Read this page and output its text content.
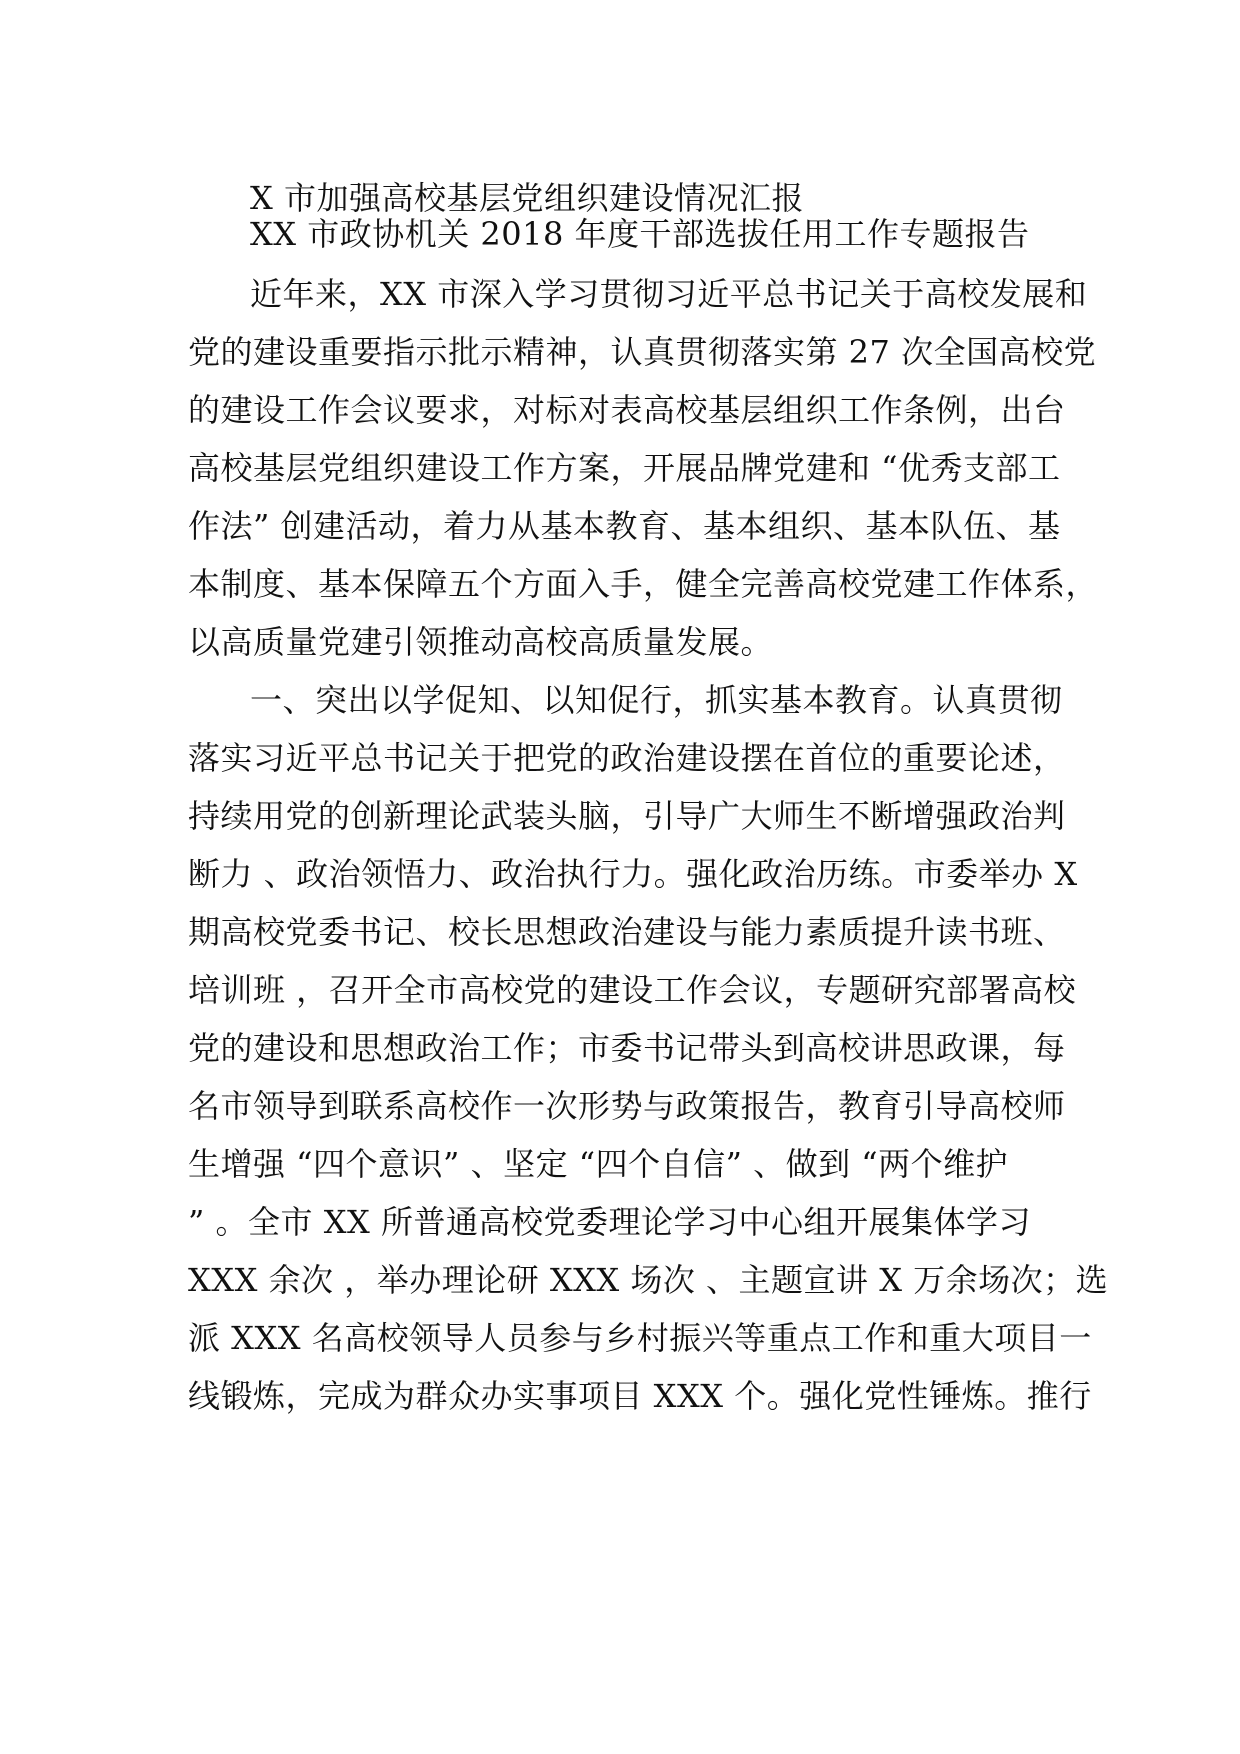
X 市加强高校基层党组织建设情况汇报
XX 市政协机关 2018 年度干部选拔任用工作专题报告
近年来，XX 市深入学习贯彻习近平总书记关于高校发展和
党的建设重要指示批示精神，认真贯彻落实第 27 次全国高校党
的建设工作会议要求，对标对表高校基层组织工作条例，出台
高校基层党组织建设工作方案，开展品牌党建和 “优秀支部工
作法” 创建活动，着力从基本教育、基本组织、基本队伍、基
本制度、基本保障五个方面入手，健全完善高校党建工作体系，
以高质量党建引领推动高校高质量发展。
一、突出以学促知、以知促行，抓实基本教育。认真贯彻
落实习近平总书记关于把党的政治建设摆在首位的重要论述，
持续用党的创新理论武装头脑，引导广大师生不断增强政治判
断力 、政治领悟力、政治执行力。强化政治历练。市委举办 X
期高校党委书记、校长思想政治建设与能力素质提升读书班、
培训班 ，召开全市高校党的建设工作会议，专题研究部署高校
党的建设和思想政治工作；市委书记带头到高校讲思政课，每
名市领导到联系高校作一次形势与政策报告，教育引导高校师
生增强 “四个意识” 、坚定 “四个自信” 、做到 “两个维护
” 。全市 XX 所普通高校党委理论学习中心组开展集体学习
XXX 余次 ，举办理论研 XXX 场次 、主题宣讲 X 万余场次；选
派 XXX 名高校领导人员参与乡村振兴等重点工作和重大项目一
线锻炼，完成为群众办实事项目 XXX 个。强化党性锤炼。推行
